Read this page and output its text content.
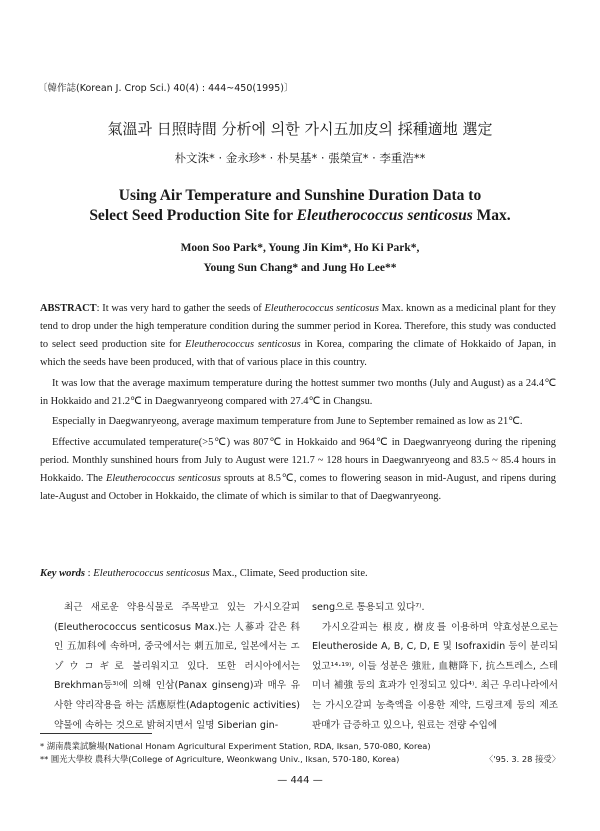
〔韓作誌(Korean J. Crop Sci.) 40(4) : 444~450(1995)〕
氣溫과 日照時間 分析에 의한 가시五加皮의 採種適地 選定
朴文洙* · 金永珍* · 朴昊基* · 張榮宣* · 李重浩**
Using Air Temperature and Sunshine Duration Data to
Select Seed Production Site for Eleutherococcus senticosus Max.
Moon Soo Park*, Young Jin Kim*, Ho Ki Park*,
Young Sun Chang* and Jung Ho Lee**

ABSTRACT: It was very hard to gather the seeds of Eleutherococcus senticosus Max. known as a medicinal plant for they tend to drop under the high temperature condition during the summer period in Korea. Therefore, this study was conducted to select seed production site for Eleutherococcus senticosus in Korea, comparing the climate of Hokkaido of Japan, in which the seeds have been produced, with that of various place in this country.

It was low that the average maximum temperature during the hottest summer two months (July and August) as a 24.4℃ in Hokkaido and 21.2℃ in Daegwanryeong compared with 27.4℃ in Changsu.

Especially in Daegwanryeong, average maximum temperature from June to September remained as low as 21℃.

Effective accumulated temperature(>5℃) was 807℃ in Hokkaido and 964℃ in Daegwanryeong during the ripening period. Monthly sunshined hours from July to August were 121.7 ~ 128 hours in Daegwanryeong and 83.5 ~ 85.4 hours in Hokkaido. The Eleutherococcus senticosus sprouts at 8.5℃, comes to flowering season in mid-August, and ripens during late-August and October in Hokkaido, the climate of which is similar to that of Daegwanryeong.

Key words : Eleutherococcus senticosus Max., Climate, Seed production site.

최근 새로운 약용식물로 주목받고 있는 가시오갈피(Eleutherococcus senticosus Max.)는 人蔘과 같은 科인 五加科에 속하며, 중국에서는 刺五加로, 일본에서는 エゾウコギ로 불리워지고 있다. 또한 러시아에서는 Brekhman등³⁾에 의해 인삼(Panax ginseng)과 매우 유사한 약리작용을 하는 活應原性(Adaptogenic activities) 약물에 속하는 것으로 밝혀지면서 일명 Siberian gin-

seng으로 통용되고 있다⁷⁾.

가시오갈피는 根皮, 樹皮를 이용하며 약효성분으로는 Eleutheroside A, B, C, D, E 및 Isofraxidin 등이 분리되었고¹⁴·¹⁹⁾, 이들 성분은 強壯, 血糖降下, 抗스트레스, 스테미너 補強 등의 효과가 인정되고 있다⁴⁾. 최근 우리나라에서는 가시오갈피 농축액을 이용한 제약, 드링크제 등의 제조 판매가 급증하고 있으나, 원료는 전량 수입에

* 湖南農業試驗場(National Honam Agricultural Experiment Station, RDA, Iksan, 570-080, Korea)
** 圓光大學校 農科大學(College of Agriculture, Weonkwang Univ., Iksan, 570-180, Korea)	〈'95. 3. 28 接受〉
— 444 —
